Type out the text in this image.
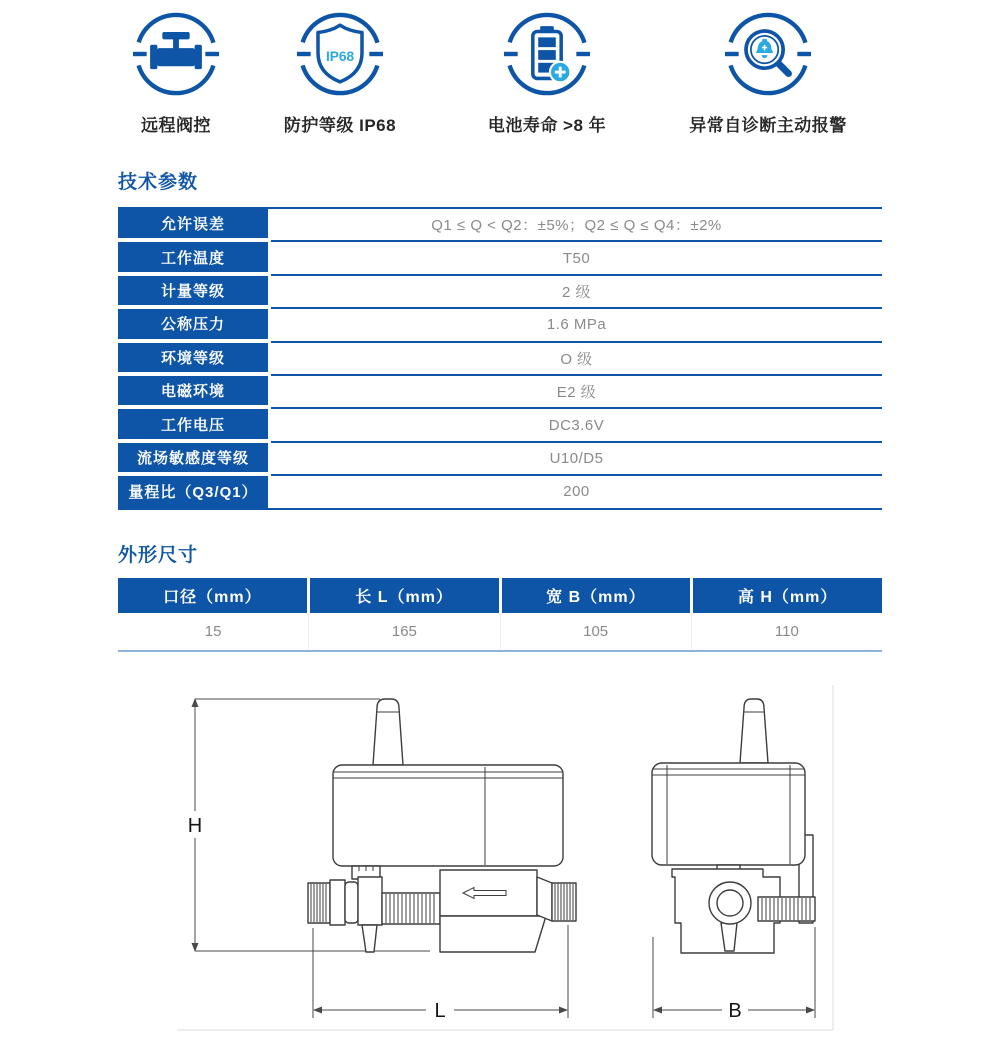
远程阀控
IP68
防护等级 IP68	电池寿命 >8 年	异常自诊断主动报警
技术参数
允许误差	Q1 ≤ Q < Q2：±5%；Q2 ≤ Q ≤ Q4：±2%
工作温度	T50
计量等级	2 级
公称压力	1.6 MPa
环境等级	O 级
电磁环境	E2 级
工作电压	DC3.6V
流场敏感度等级	U10/D5
量程比（Q3/Q1）	200
外形尺寸
口径（mm）	长 L（mm）	宽 B（mm）	高 H（mm）
15	165	105	110
H
L	B
